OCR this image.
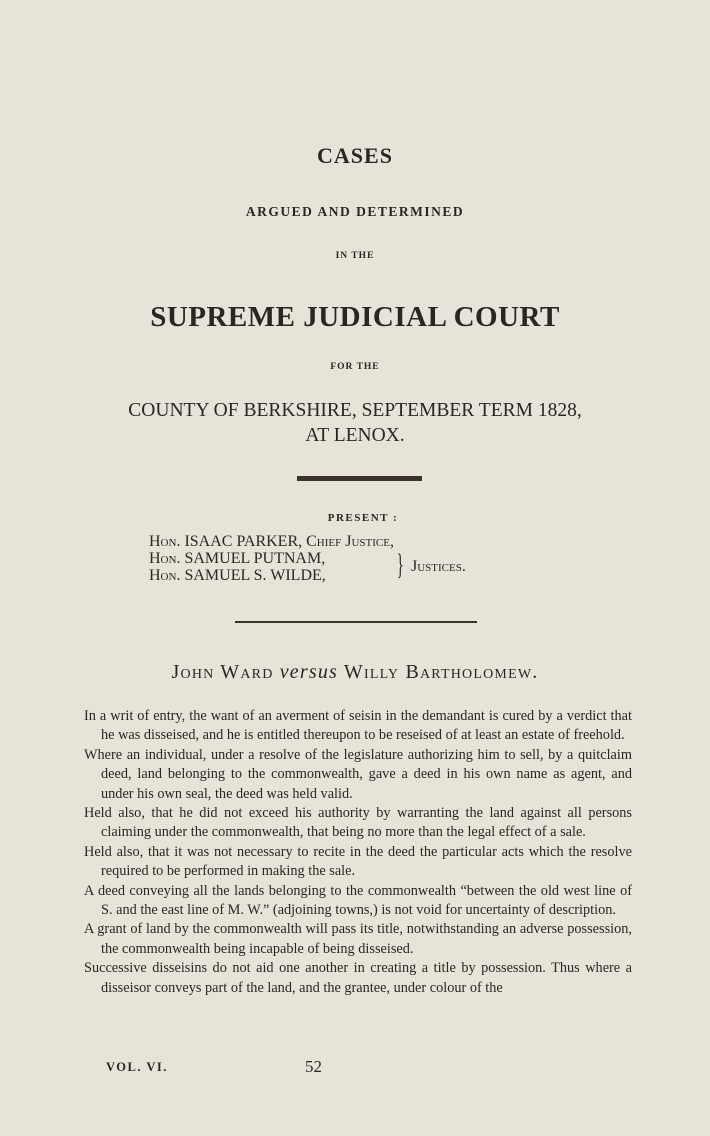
CASES
ARGUED AND DETERMINED
IN THE
SUPREME JUDICIAL COURT
FOR THE
COUNTY OF BERKSHIRE, SEPTEMBER TERM 1828,
AT LENOX.
PRESENT :
Hon. ISAAC PARKER, Chief Justice,
Hon. SAMUEL PUTNAM,
Hon. SAMUEL S. WILDE,	} Justices.
John Ward versus Willy Bartholomew.

In a writ of entry, the want of an averment of seisin in the demandant is cured by a verdict that he was disseised, and he is entitled thereupon to be reseised of at least an estate of freehold.

Where an individual, under a resolve of the legislature authorizing him to sell, by a quitclaim deed, land belonging to the commonwealth, gave a deed in his own name as agent, and under his own seal, the deed was held valid.

Held also, that he did not exceed his authority by warranting the land against all persons claiming under the commonwealth, that being no more than the legal effect of a sale.

Held also, that it was not necessary to recite in the deed the particular acts which the resolve required to be performed in making the sale.

A deed conveying all the lands belonging to the commonwealth “between the old west line of S. and the east line of M. W.” (adjoining towns,) is not void for uncertainty of description.

A grant of land by the commonwealth will pass its title, notwithstanding an adverse possession, the commonwealth being incapable of being disseised.

Successive disseisins do not aid one another in creating a title by possession. Thus where a disseisor conveys part of the land, and the grantee, under colour of the

VOL. VI.	52
